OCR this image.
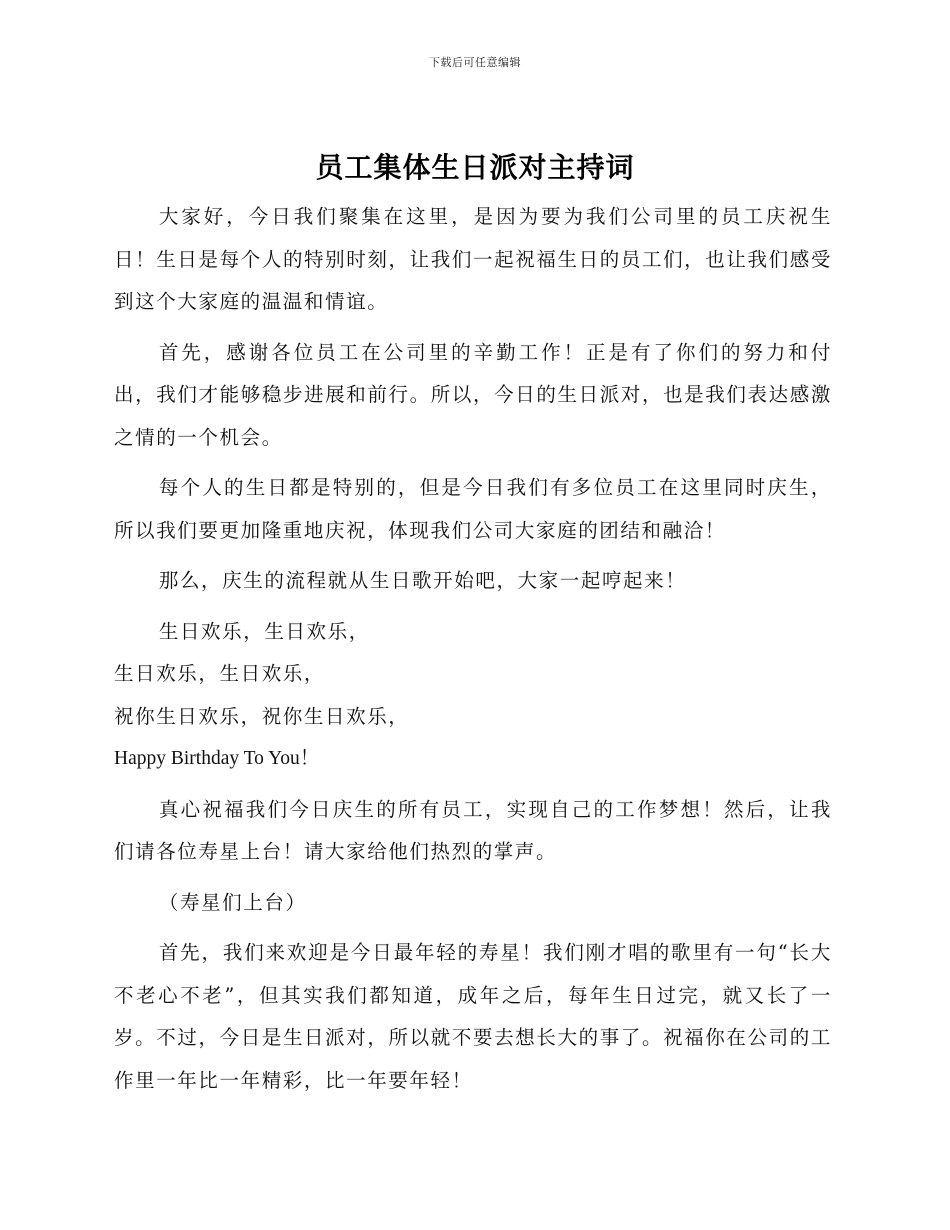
下载后可任意编辑
员工集体生日派对主持词

大家好，今日我们聚集在这里，是因为要为我们公司里的员工庆祝生日！生日是每个人的特别时刻，让我们一起祝福生日的员工们，也让我们感受到这个大家庭的温温和情谊。

首先，感谢各位员工在公司里的辛勤工作！正是有了你们的努力和付出，我们才能够稳步进展和前行。所以，今日的生日派对，也是我们表达感激之情的一个机会。

每个人的生日都是特别的，但是今日我们有多位员工在这里同时庆生，所以我们要更加隆重地庆祝，体现我们公司大家庭的团结和融洽！

那么，庆生的流程就从生日歌开始吧，大家一起哼起来！

生日欢乐，生日欢乐，

生日欢乐，生日欢乐，

祝你生日欢乐，祝你生日欢乐，

Happy Birthday To You！

真心祝福我们今日庆生的所有员工，实现自己的工作梦想！然后，让我们请各位寿星上台！请大家给他们热烈的掌声。

（寿星们上台）

首先，我们来欢迎是今日最年轻的寿星！我们刚才唱的歌里有一句“长大不老心不老”，但其实我们都知道，成年之后，每年生日过完，就又长了一岁。不过，今日是生日派对，所以就不要去想长大的事了。祝福你在公司的工作里一年比一年精彩，比一年要年轻！
